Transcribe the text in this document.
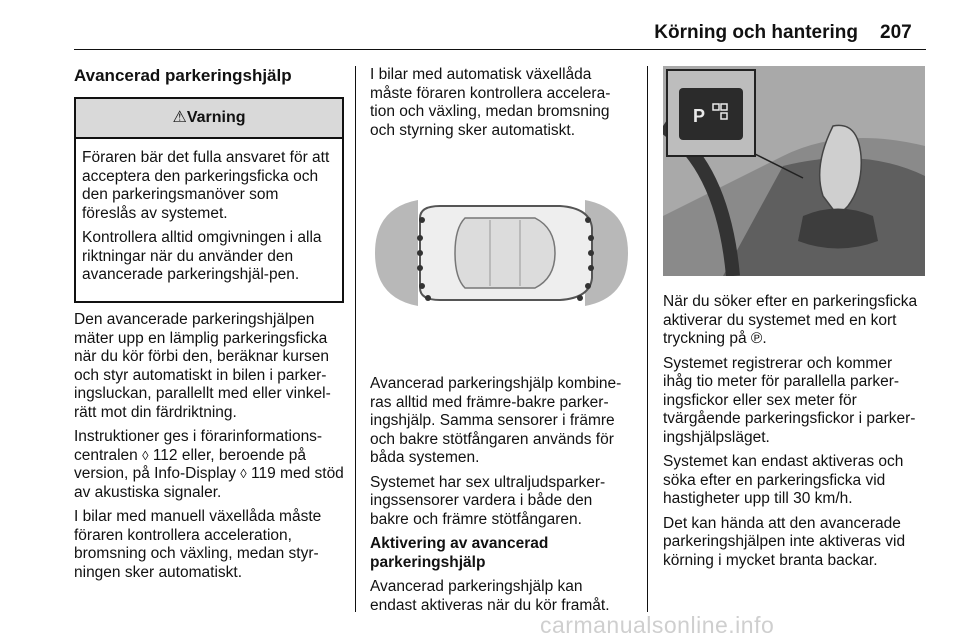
Körning och hantering 207
Avancerad parkeringshjälp
⚠Varning

Föraren bär det fulla ansvaret för att acceptera den parkeringsficka och den parkeringsmanöver som föreslås av systemet.

Kontrollera alltid omgivningen i alla riktningar när du använder den avancerade parkeringshjäl-pen.

Den avancerade parkeringshjälpen mäter upp en lämplig parkeringsficka när du kör förbi den, beräknar kursen och styr automatiskt in bilen i parker-ingsluckan, parallellt med eller vinkel-rätt mot din färdriktning.

Instruktioner ges i förarinformations-centralen ◊ 112 eller, beroende på version, på Info-Display ◊ 119 med stöd av akustiska signaler.

I bilar med manuell växellåda måste föraren kontrollera acceleration, bromsning och växling, medan styr-ningen sker automatiskt.

I bilar med automatisk växellåda måste föraren kontrollera accelera-tion och växling, medan bromsning och styrning sker automatiskt.

Avancerad parkeringshjälp kombine-ras alltid med främre-bakre parker-ingshjälp. Samma sensorer i främre och bakre stötfångaren används för båda systemen.

Systemet har sex ultraljudsparker-ingssensorer vardera i både den bakre och främre stötfångaren.

Aktivering av avancerad parkeringshjälp

Avancerad parkeringshjälp kan endast aktiveras när du kör framåt.

P

När du söker efter en parkeringsficka aktiverar du systemet med en kort tryckning på ℗.

Systemet registrerar och kommer ihåg tio meter för parallella parker-ingsfickor eller sex meter för tvärgående parkeringsfickor i parker-ingshjälpsläget.

Systemet kan endast aktiveras och söka efter en parkeringsficka vid hastigheter upp till 30 km/h.

Det kan hända att den avancerade parkeringshjälpen inte aktiveras vid körning i mycket branta backar.

carmanualsonline.info
